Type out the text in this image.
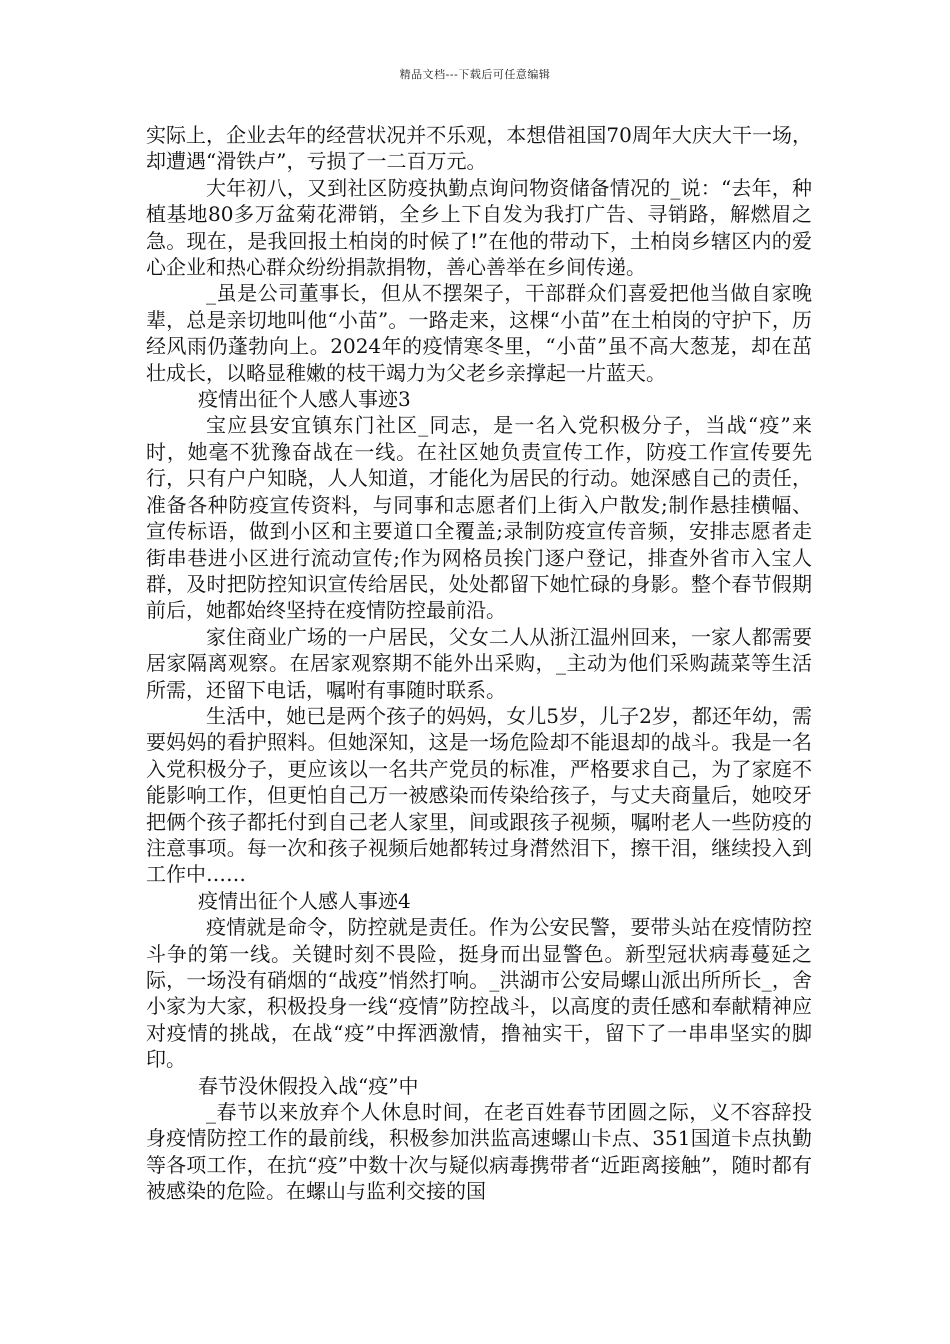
精品文档---下载后可任意编辑

实际上，企业去年的经营状况并不乐观，本想借祖国70周年大庆大干一场，却遭遇“滑铁卢”，亏损了一二百万元。

大年初八，又到社区防疫执勤点询问物资储备情况的_说：“去年，种植基地80多万盆菊花滞销，全乡上下自发为我打广告、寻销路，解燃眉之急。现在，是我回报土柏岗的时候了!”在他的带动下，土柏岗乡辖区内的爱心企业和热心群众纷纷捐款捐物，善心善举在乡间传递。

_虽是公司董事长，但从不摆架子，干部群众们喜爱把他当做自家晚辈，总是亲切地叫他“小苗”。一路走来，这棵“小苗”在土柏岗的守护下，历经风雨仍蓬勃向上。2024年的疫情寒冬里，“小苗”虽不高大葱茏，却在茁壮成长，以略显稚嫩的枝干竭力为父老乡亲撑起一片蓝天。

疫情出征个人感人事迹3

宝应县安宜镇东门社区_同志，是一名入党积极分子，当战“疫”来时，她毫不犹豫奋战在一线。在社区她负责宣传工作，防疫工作宣传要先行，只有户户知晓，人人知道，才能化为居民的行动。她深感自己的责任，准备各种防疫宣传资料，与同事和志愿者们上街入户散发;制作悬挂横幅、宣传标语，做到小区和主要道口全覆盖;录制防疫宣传音频，安排志愿者走街串巷进小区进行流动宣传;作为网格员挨门逐户登记，排查外省市入宝人群，及时把防控知识宣传给居民，处处都留下她忙碌的身影。整个春节假期前后，她都始终坚持在疫情防控最前沿。

家住商业广场的一户居民，父女二人从浙江温州回来，一家人都需要居家隔离观察。在居家观察期不能外出采购，_主动为他们采购蔬菜等生活所需，还留下电话，嘱咐有事随时联系。

生活中，她已是两个孩子的妈妈，女儿5岁，儿子2岁，都还年幼，需要妈妈的看护照料。但她深知，这是一场危险却不能退却的战斗。我是一名入党积极分子，更应该以一名共产党员的标准，严格要求自己，为了家庭不能影响工作，但更怕自己万一被感染而传染给孩子，与丈夫商量后，她咬牙把俩个孩子都托付到自己老人家里，间或跟孩子视频，嘱咐老人一些防疫的注意事项。每一次和孩子视频后她都转过身潸然泪下，擦干泪，继续投入到工作中……

疫情出征个人感人事迹4

疫情就是命令，防控就是责任。作为公安民警，要带头站在疫情防控斗争的第一线。关键时刻不畏险，挺身而出显警色。新型冠状病毒蔓延之际，一场没有硝烟的“战疫”悄然打响。_洪湖市公安局螺山派出所所长_，舍小家为大家，积极投身一线“疫情”防控战斗，以高度的责任感和奉献精神应对疫情的挑战，在战“疫”中挥洒激情，撸袖实干，留下了一串串坚实的脚印。

春节没休假投入战“疫”中

_春节以来放弃个人休息时间，在老百姓春节团圆之际，义不容辞投身疫情防控工作的最前线，积极参加洪监高速螺山卡点、351国道卡点执勤等各项工作，在抗“疫”中数十次与疑似病毒携带者“近距离接触”，随时都有被感染的危险。在螺山与监利交接的国
